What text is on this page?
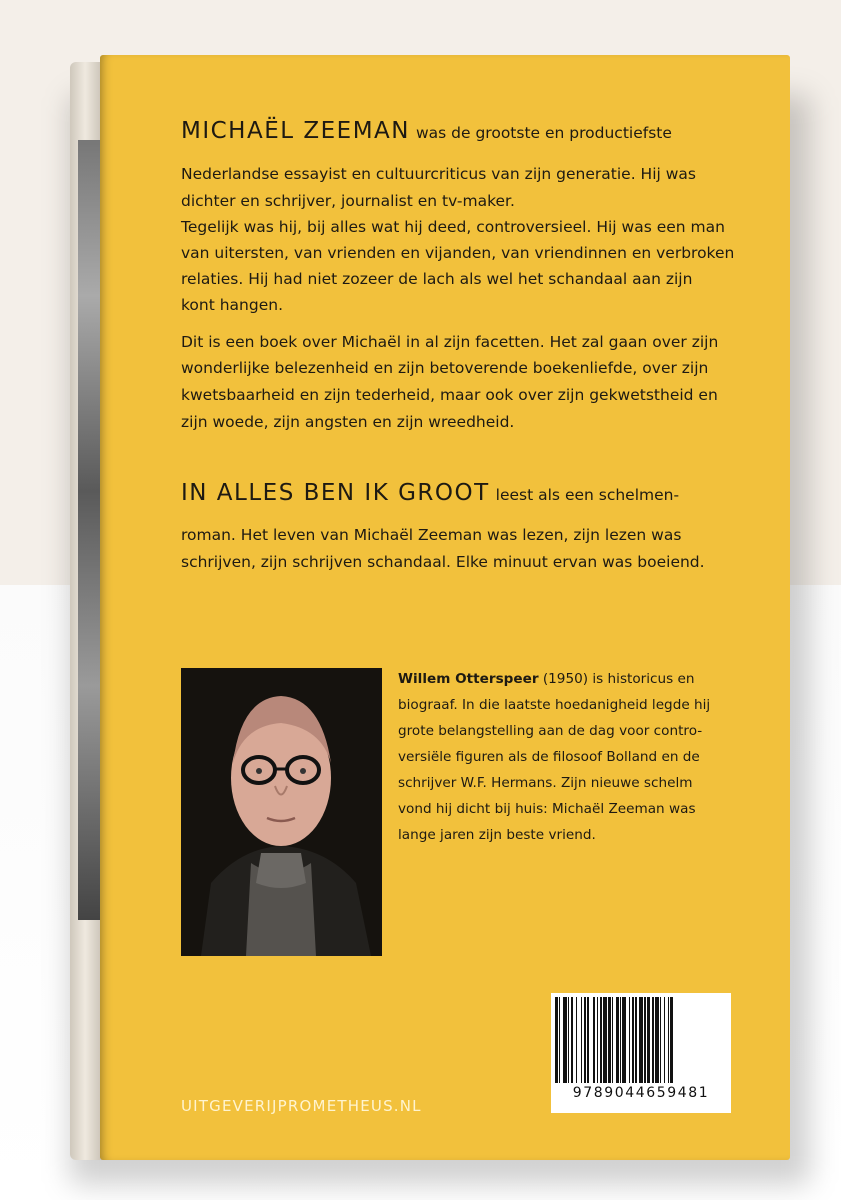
MICHAËL ZEEMAN was de grootste en productiefste
Nederlandse essayist en cultuurcriticus van zijn generatie. Hij was
dichter en schrijver, journalist en tv-maker.
Tegelijk was hij, bij alles wat hij deed, controversieel. Hij was een man
van uitersten, van vrienden en vijanden, van vriendinnen en verbroken
relaties. Hij had niet zozeer de lach als wel het schandaal aan zijn
kont hangen.
Dit is een boek over Michaël in al zijn facetten. Het zal gaan over zijn
wonderlijke belezenheid en zijn betoverende boekenliefde, over zijn
kwetsbaarheid en zijn tederheid, maar ook over zijn gekwetstheid en
zijn woede, zijn angsten en zijn wreedheid.
IN ALLES BEN IK GROOT leest als een schelmen-
roman. Het leven van Michaël Zeeman was lezen, zijn lezen was
schrijven, zijn schrijven schandaal. Elke minuut ervan was boeiend.
Willem Otterspeer (1950) is historicus en
biograaf. In die laatste hoedanigheid legde hij
grote belangstelling aan de dag voor contro-
versiële figuren als de filosoof Bolland en de
schrijver W.F. Hermans. Zijn nieuwe schelm
vond hij dicht bij huis: Michaël Zeeman was
lange jaren zijn beste vriend.
9789044659481
UITGEVERIJPROMETHEUS.NL
